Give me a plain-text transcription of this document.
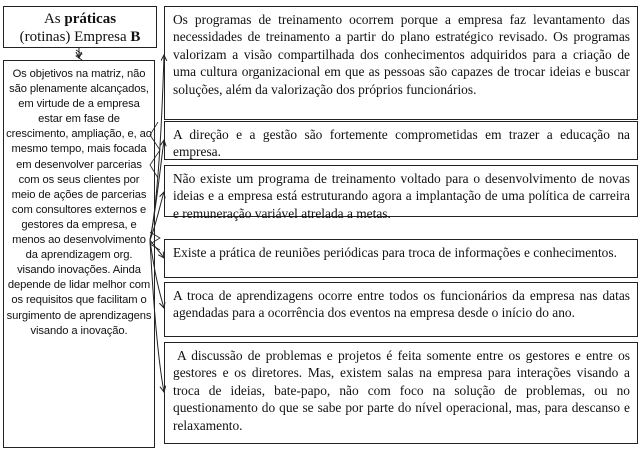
As práticas
(rotinas) Empresa B
Os objetivos na matriz, não são plenamente alcançados, em virtude de a empresa estar em fase de crescimento, ampliação, e, ao mesmo tempo, mais focada em desenvolver parcerias com os seus clientes por meio de ações de parcerias com consultores externos e gestores da empresa, e menos ao desenvolvimento da aprendizagem org. visando inovações. Ainda depende de lidar melhor com os requisitos que facilitam o surgimento de aprendizagens visando a inovação.

Os programas de treinamento ocorrem porque a empresa faz levantamento das necessidades de treinamento a partir do plano estratégico revisado. Os programas valorizam a visão compartilhada dos conhecimentos adquiridos para a criação de uma cultura organizacional em que as pessoas são capazes de trocar ideias e buscar soluções, além da valorização dos próprios funcionários.

A direção e a gestão são fortemente comprometidas em trazer a educação na empresa.

Não existe um programa de treinamento voltado para o desenvolvimento de novas ideias e a empresa está estruturando agora a implantação de uma política de carreira e remuneração variável atrelada a metas.

Existe a prática de reuniões periódicas para troca de informações e conhecimentos.

A troca de aprendizagens ocorre entre todos os funcionários da empresa nas datas agendadas para a ocorrência dos eventos na empresa desde o início do ano.

A discussão de problemas e projetos é feita somente entre os gestores e entre os gestores e os diretores. Mas, existem salas na empresa para interações visando a troca de ideias, bate-papo, não com foco na solução de problemas, ou no questionamento do que se sabe por parte do nível operacional, mas, para descanso e relaxamento.
